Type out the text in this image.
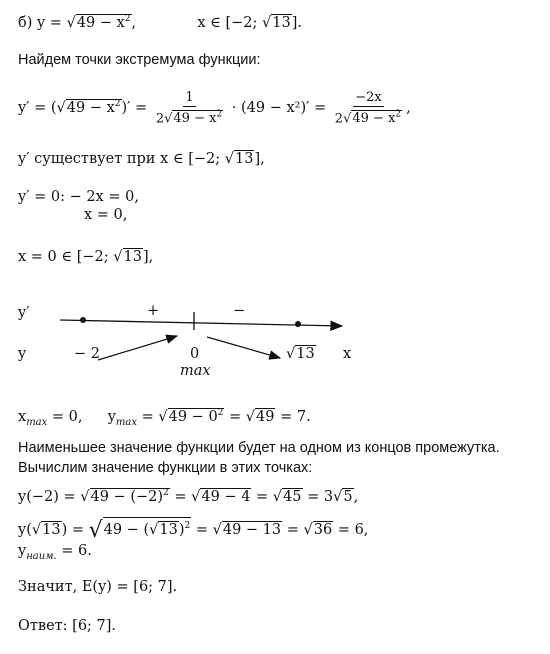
б) $y = √49 - x^2$,	x ∈ [−2; √13].
Найдем точки экстремума функции:
$y' = (√49 - x^2)' = \frac{1}{2√49 - x^2} \cdot (49 - x^2)' = \frac{-2x}{2√49 - x^2}$ ,
y′ существует при x ∈ [−2; √13],
y′ = 0: − 2x = 0,
x = 0,
x = 0 ∈ [−2; √13],
y′	+	−
y	− 2	0
max
√13 x
$x_{max} = 0$, $y_{max} = √49 - 0^2 = √49 = 7$.
Наименьшее значение функции будет на одном из концов промежутка.
Вычислим значение функции в этих точках:
$y(-2) = √49 - (-2)^2 = √49 - 4 = √45 = 3√5$,
$y(√13) = √49 - (√13)^2 = √49 - 13 = √36 = 6$,
$y_{наим.} = 6$.
Значит, E(y) = [6; 7].
Ответ: [6; 7].
